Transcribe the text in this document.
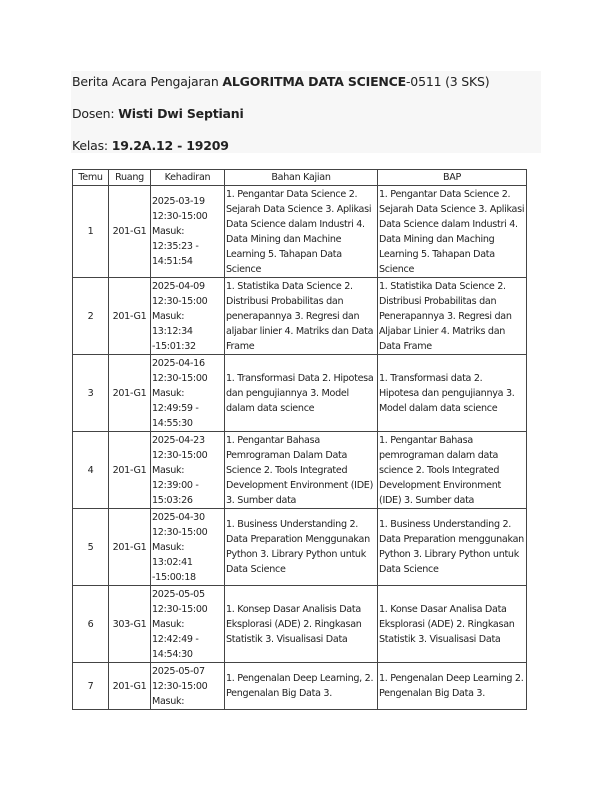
Berita Acara Pengajaran ALGORITMA DATA SCIENCE-0511 (3 SKS)
Dosen: Wisti Dwi Septiani
Kelas: 19.2A.12 - 19209
Temu	Ruang	Kehadiran	Bahan Kajian	BAP
1	201-G1	2025-03-19 12:30-15:00 Masuk: 12:35:23 - 14:51:54	1. Pengantar Data Science 2. Sejarah Data Science 3. Aplikasi Data Science dalam Industri 4. Data Mining dan Machine Learning 5. Tahapan Data Science	1. Pengantar Data Science 2. Sejarah Data Science 3. Aplikasi Data Science dalam Industri 4. Data Mining dan Maching Learning 5. Tahapan Data Science
2	201-G1	2025-04-09 12:30-15:00 Masuk: 13:12:34 -15:01:32	1. Statistika Data Science 2. Distribusi Probabilitas dan penerapannya 3. Regresi dan aljabar linier 4. Matriks dan Data Frame	1. Statistika Data Science 2. Distribusi Probabilitas dan Penerapannya 3. Regresi dan Aljabar Linier 4. Matriks dan Data Frame
3	201-G1	2025-04-16 12:30-15:00 Masuk: 12:49:59 - 14:55:30	1. Transformasi Data 2. Hipotesa dan pengujiannya 3. Model dalam data science	1. Transformasi data 2. Hipotesa dan pengujiannya 3. Model dalam data science
4	201-G1	2025-04-23 12:30-15:00 Masuk: 12:39:00 - 15:03:26	1. Pengantar Bahasa Pemrograman Dalam Data Science 2. Tools Integrated Development Environment (IDE) 3. Sumber data	1. Pengantar Bahasa pemrograman dalam data science 2. Tools Integrated Development Environment (IDE) 3. Sumber data
5	201-G1	2025-04-30 12:30-15:00 Masuk: 13:02:41 -15:00:18	1. Business Understanding 2. Data Preparation Menggunakan Python 3. Library Python untuk Data Science	1. Business Understanding 2. Data Preparation menggunakan Python 3. Library Python untuk Data Science
6	303-G1	2025-05-05 12:30-15:00 Masuk: 12:42:49 - 14:54:30	1. Konsep Dasar Analisis Data Eksplorasi (ADE) 2. Ringkasan Statistik 3. Visualisasi Data	1. Konse Dasar Analisa Data Eksplorasi (ADE) 2. Ringkasan Statistik 3. Visualisasi Data
7	201-G1	2025-05-07 12:30-15:00 Masuk:	1. Pengenalan Deep Learning, 2. Pengenalan Big Data 3.	1. Pengenalan Deep Learning 2. Pengenalan Big Data 3.
